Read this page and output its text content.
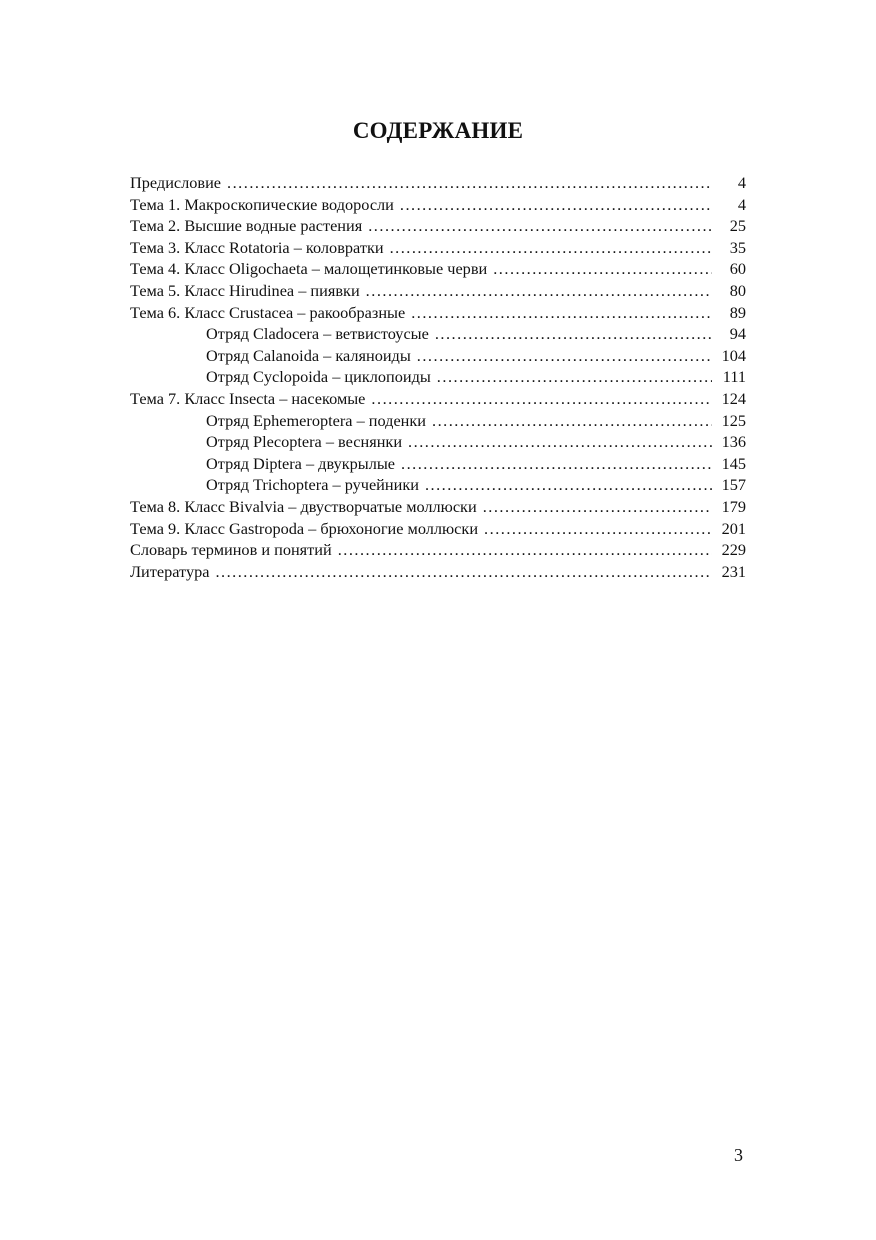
СОДЕРЖАНИЕ
Предисловие .....	4
Тема 1. Макроскопические водоросли .....	4
Тема 2. Высшие водные растения .....	25
Тема 3. Класс Rotatoria – коловратки .....	35
Тема 4. Класс Oligochaeta – малощетинковые черви .....	60
Тема 5. Класс Hirudinea – пиявки .....	80
Тема 6. Класс Crustacea – ракообразные .....	89
Отряд Cladocera – ветвистоусые .....	94
Отряд Calanoida – каляноиды .....	104
Отряд Cyclopoida – циклопоиды .....	111
Тема 7. Класс Insecta – насекомые .....	124
Отряд Ephemeroptera – поденки .....	125
Отряд Plecoptera – веснянки .....	136
Отряд Diptera – двукрылые .....	145
Отряд Trichoptera – ручейники .....	157
Тема 8. Класс Bivalvia – двустворчатые моллюски .....	179
Тема 9. Класс Gastropoda – брюхоногие моллюски .....	201
Словарь терминов и понятий .....	229
Литература .....	231
3
